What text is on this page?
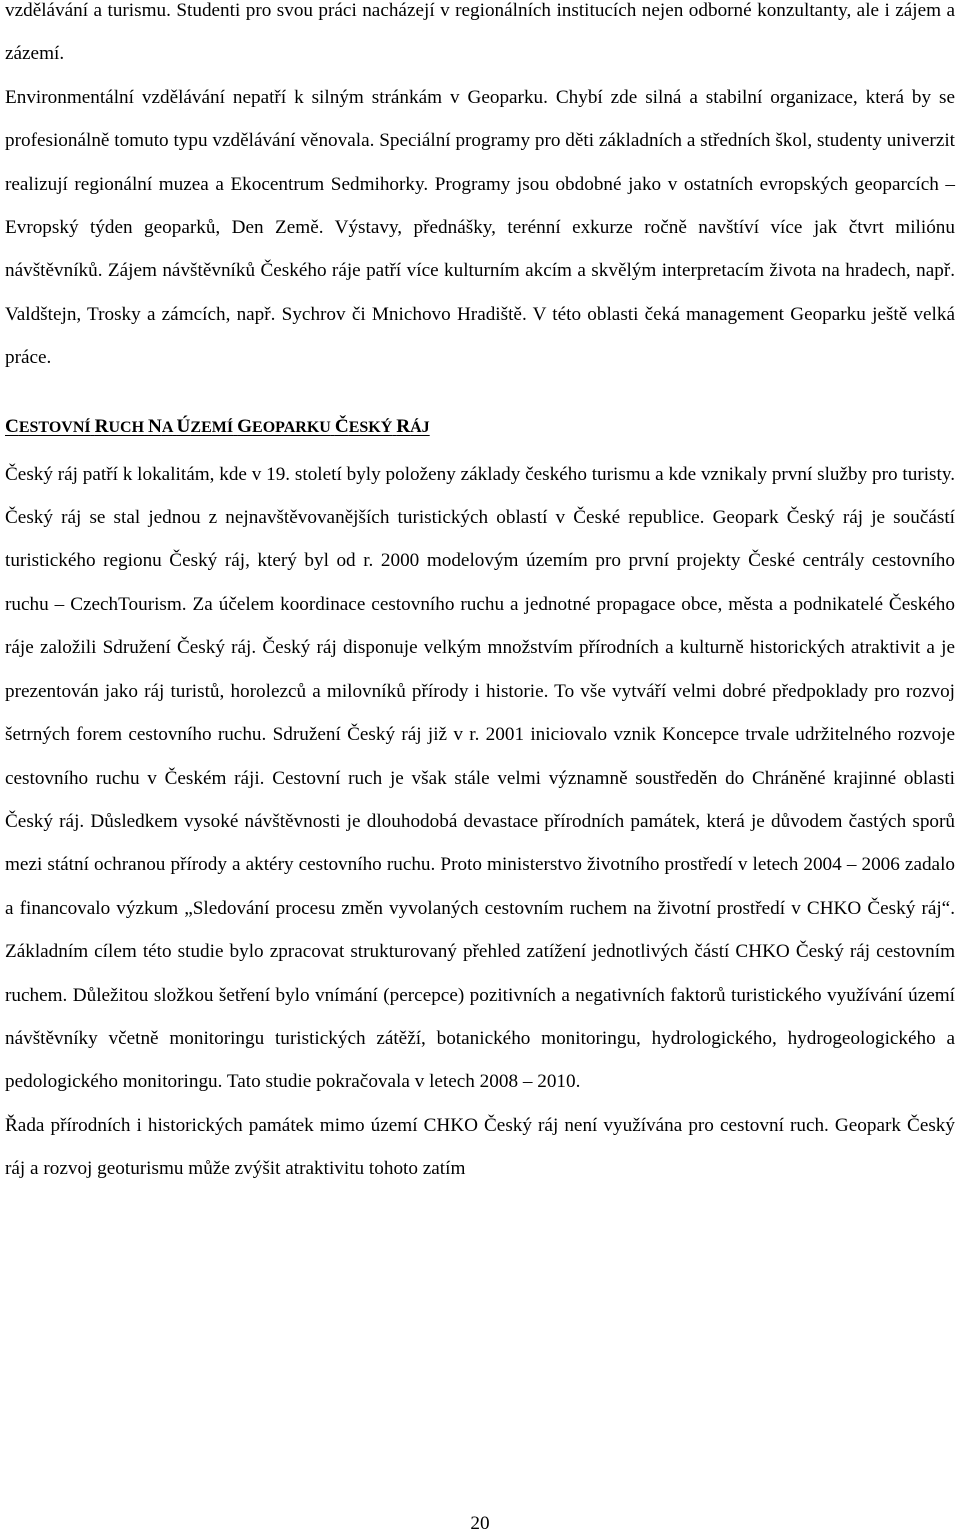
vzdělávání a turismu. Studenti pro svou práci nacházejí v regionálních institucích nejen odborné konzultanty, ale i zájem a zázemí.

Environmentální vzdělávání nepatří k silným stránkám v Geoparku. Chybí zde silná a stabilní organizace, která by se profesionálně tomuto typu vzdělávání věnovala. Speciální programy pro děti základních a středních škol, studenty univerzit realizují regionální muzea a Ekocentrum Sedmihorky. Programy jsou obdobné jako v ostatních evropských geoparcích – Evropský týden geoparků, Den Země. Výstavy, přednášky, terénní exkurze ročně navštíví více jak čtvrt miliónu návštěvníků. Zájem návštěvníků Českého ráje patří více kulturním akcím a skvělým interpretacím života na hradech, např. Valdštejn, Trosky a zámcích, např. Sychrov či Mnichovo Hradiště. V této oblasti čeká management Geoparku ještě velká práce.

CESTOVNÍ RUCH NA ÚZEMÍ GEOPARKU ČESKÝ RÁJ

Český ráj patří k lokalitám, kde v 19. století byly položeny základy českého turismu a kde vznikaly první služby pro turisty. Český ráj se stal jednou z nejnavštěvovanějších turistických oblastí v České republice. Geopark Český ráj je součástí turistického regionu Český ráj, který byl od r. 2000 modelovým územím pro první projekty České centrály cestovního ruchu – CzechTourism. Za účelem koordinace cestovního ruchu a jednotné propagace obce, města a podnikatelé Českého ráje založili Sdružení Český ráj. Český ráj disponuje velkým množstvím přírodních a kulturně historických atraktivit a je prezentován jako ráj turistů, horolezců a milovníků přírody i historie. To vše vytváří velmi dobré předpoklady pro rozvoj šetrných forem cestovního ruchu. Sdružení Český ráj již v r. 2001 iniciovalo vznik Koncepce trvale udržitelného rozvoje cestovního ruchu v Českém ráji. Cestovní ruch je však stále velmi významně soustředěn do Chráněné krajinné oblasti Český ráj. Důsledkem vysoké návštěvnosti je dlouhodobá devastace přírodních památek, která je důvodem častých sporů mezi státní ochranou přírody a aktéry cestovního ruchu. Proto ministerstvo životního prostředí v letech 2004 – 2006 zadalo a financovalo výzkum „Sledování procesu změn vyvolaných cestovním ruchem na životní prostředí v CHKO Český ráj“. Základním cílem této studie bylo zpracovat strukturovaný přehled zatížení jednotlivých částí CHKO Český ráj cestovním ruchem. Důležitou složkou šetření bylo vnímání (percepce) pozitivních a negativních faktorů turistického využívání území návštěvníky včetně monitoringu turistických zátěží, botanického monitoringu, hydrologického, hydrogeologického a pedologického monitoringu. Tato studie pokračovala v letech 2008 – 2010.

Řada přírodních i historických památek mimo území CHKO Český ráj není využívána pro cestovní ruch. Geopark Český ráj a rozvoj geoturismu může zvýšit atraktivitu tohoto zatím

20
